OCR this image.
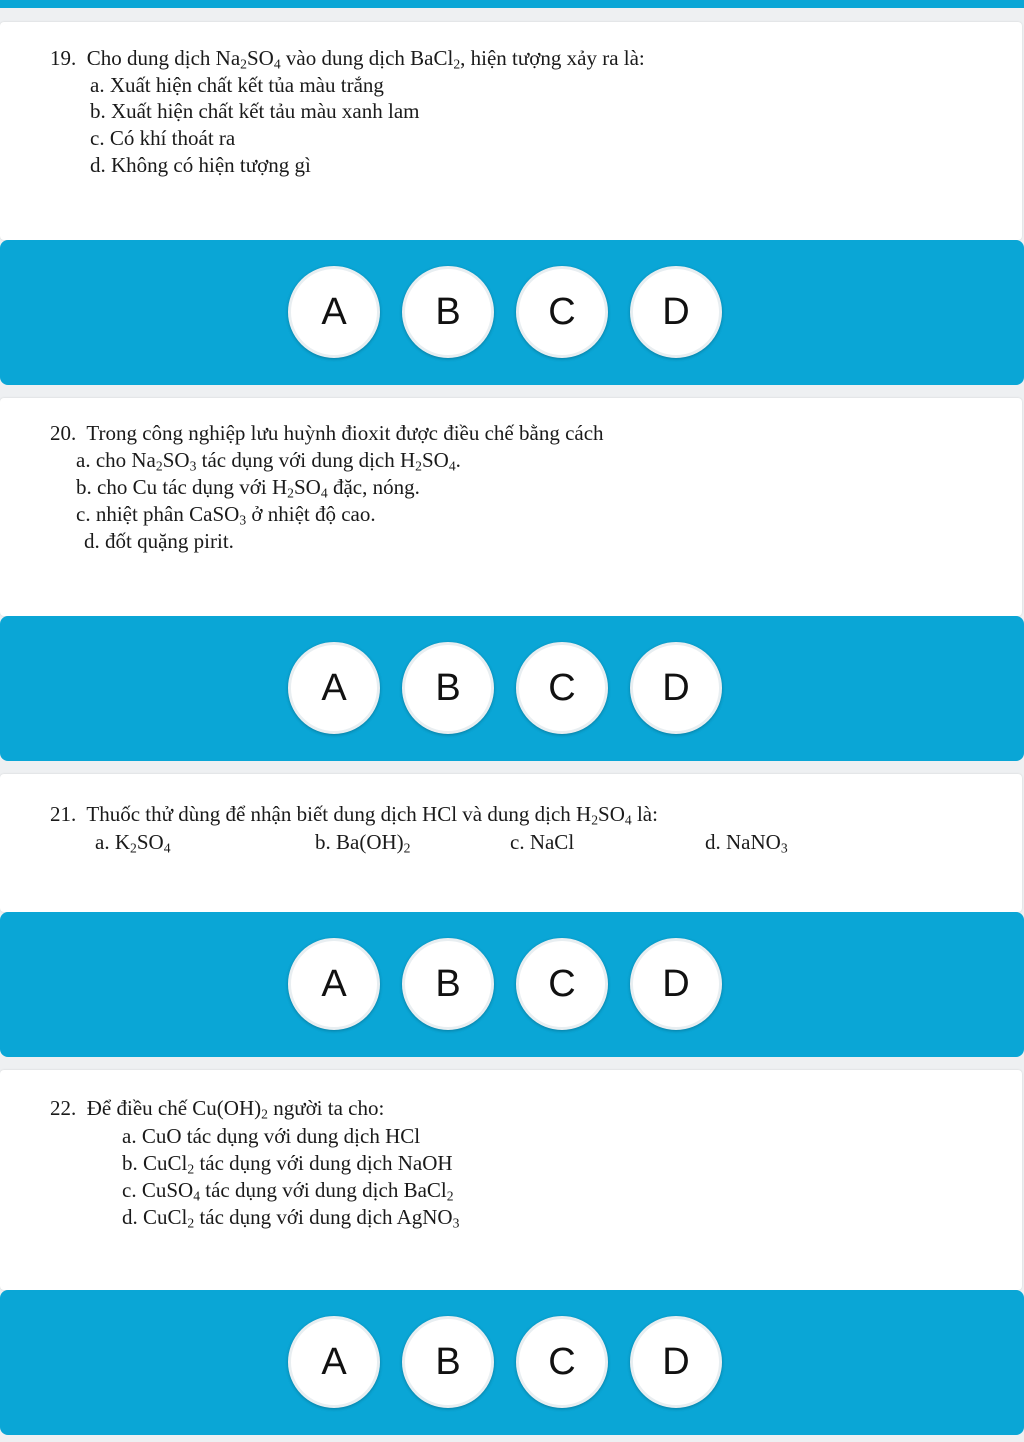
19. Cho dung dịch $Na_2SO_4$ vào dung dịch BaCl$_2$, hiện tượng xảy ra là:
a. Xuất hiện chất kết tủa màu trắng
b. Xuất hiện chất kết tảu màu xanh lam
c. Có khí thoát ra
d. Không có hiện tượng gì
A	B	C	D
20. Trong công nghiệp lưu huỳnh đioxit được điều chế bằng cách
a. cho $Na_2SO_3$ tác dụng với dung dịch $H_2SO_4$.
b. cho Cu tác dụng với $H_2SO_4$ đặc, nóng.
c. nhiệt phân CaSO$_3$ ở nhiệt độ cao.
d. đốt quặng pirit.
A	B	C	D
21. Thuốc thử dùng để nhận biết dung dịch HCl và dung dịch $H_2SO_4$ là:
a. $K_2SO_4$	b. $Ba(OH)_2$	c. NaCl	d. NaNO$_3$
A	B	C	D
22. Để điều chế $Cu(OH)_2$ người ta cho:
a. CuO tác dụng với dung dịch HCl
b. CuCl$_2$ tác dụng với dung dịch NaOH
c. CuSO$_4$ tác dụng với dung dịch BaCl$_2$
d. CuCl$_2$ tác dụng với dung dịch AgNO$_3$
A	B	C	D
